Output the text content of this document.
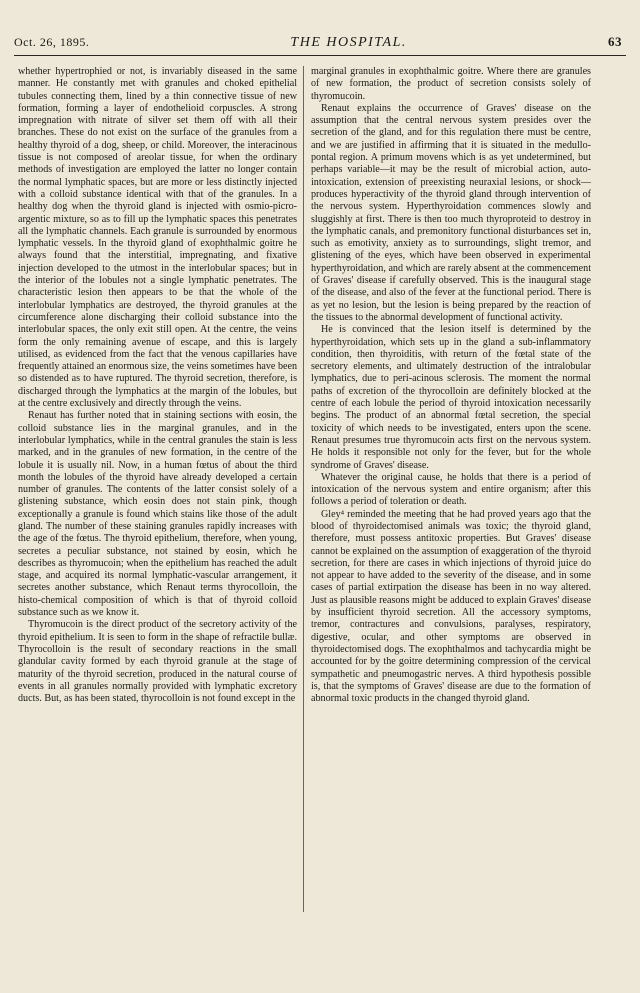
Oct. 26, 1895.	THE HOSPITAL.	63

whether hypertrophied or not, is invariably diseased in the same manner. He constantly met with granules and choked epithelial tubules connecting them, lined by a thin connective tissue of new formation, forming a layer of endothelioid corpuscles. A strong impregnation with nitrate of silver set them off with all their branches. These do not exist on the surface of the granules from a healthy thyroid of a dog, sheep, or child. Moreover, the interacinous tissue is not composed of areolar tissue, for when the ordinary methods of investigation are employed the latter no longer contain the normal lymphatic spaces, but are more or less distinctly injected with a colloid substance identical with that of the granules. In a healthy dog when the thyroid gland is injected with osmio-picro-argentic mixture, so as to fill up the lymphatic spaces this penetrates all the lymphatic channels. Each granule is surrounded by enormous lymphatic vessels. In the thyroid gland of exophthalmic goitre he always found that the interstitial, impregnating, and fixative injection developed to the utmost in the interlobular spaces; but in the interior of the lobules not a single lymphatic penetrates. The characteristic lesion then appears to be that the whole of the interlobular lymphatics are destroyed, the thyroid granules at the circumference alone discharging their colloid substance into the interlobular spaces, the only exit still open. At the centre, the veins form the only remaining avenue of escape, and this is largely utilised, as evidenced from the fact that the venous capillaries have frequently attained an enormous size, the veins sometimes have been so distended as to have ruptured. The thyroid secretion, therefore, is discharged through the lymphatics at the margin of the lobules, but at the centre exclusively and directly through the veins.

Renaut has further noted that in staining sections with eosin, the colloid substance lies in the marginal granules, and in the interlobular lymphatics, while in the central granules the stain is less marked, and in the granules of new formation, in the centre of the lobule it is usually nil. Now, in a human fœtus of about the third month the lobules of the thyroid have already developed a certain number of granules. The contents of the latter consist solely of a glistening substance, which eosin does not stain pink, though exceptionally a granule is found which stains like those of the adult gland. The number of these staining granules rapidly increases with the age of the fœtus. The thyroid epithelium, therefore, when young, secretes a peculiar substance, not stained by eosin, which he describes as thyromucoin; when the epithelium has reached the adult stage, and acquired its normal lymphatic-vascular arrangement, it secretes another substance, which Renaut terms thyrocolloin, the histo-chemical composition of which is that of thyroid colloid substance such as we know it.

Thyromucoin is the direct product of the secretory activity of the thyroid epithelium. It is seen to form in the shape of refractile bullæ. Thyrocolloin is the result of secondary reactions in the small glandular cavity formed by each thyroid granule at the stage of maturity of the thyroid secretion, produced in the natural course of events in all granules normally provided with lymphatic excretory ducts. But, as has been stated, thyrocolloin is not found except in the

marginal granules in exophthalmic goitre. Where there are granules of new formation, the product of secretion consists solely of thyromucoin.

Renaut explains the occurrence of Graves' disease on the assumption that the central nervous system presides over the secretion of the gland, and for this regulation there must be centre, and we are justified in affirming that it is situated in the medullo-pontal region. A primum movens which is as yet undetermined, but perhaps variable—it may be the result of microbial action, auto-intoxication, extension of preexisting neuraxial lesions, or shock—produces hyperactivity of the thyroid gland through intervention of the nervous system. Hyperthyroidation commences slowly and sluggishly at first. There is then too much thyroproteid to destroy in the lymphatic canals, and premonitory functional disturbances set in, such as emotivity, anxiety as to surroundings, slight tremor, and glistening of the eyes, which have been observed in experimental hyperthyroidation, and which are rarely absent at the commencement of Graves' disease if carefully observed. This is the inaugural stage of the disease, and also of the fever at the functional period. There is as yet no lesion, but the lesion is being prepared by the reaction of the tissues to the abnormal development of functional activity.

He is convinced that the lesion itself is determined by the hyperthyroidation, which sets up in the gland a sub-inflammatory condition, then thyroiditis, with return of the fœtal state of the secretory elements, and ultimately destruction of the intralobular lymphatics, due to peri-acinous sclerosis. The moment the normal paths of excretion of the thyrocolloin are definitely blocked at the centre of each lobule the period of thyroid intoxication necessarily begins. The product of an abnormal fœtal secretion, the special toxicity of which needs to be investigated, enters upon the scene. Renaut presumes true thyromucoin acts first on the nervous system. He holds it responsible not only for the fever, but for the whole syndrome of Graves' disease.

Whatever the original cause, he holds that there is a period of intoxication of the nervous system and entire organism; after this follows a period of toleration or death.

Gley⁴ reminded the meeting that he had proved years ago that the blood of thyroidectomised animals was toxic; the thyroid gland, therefore, must possess antitoxic properties. But Graves' disease cannot be explained on the assumption of exaggeration of the thyroid secretion, for there are cases in which injections of thyroid juice do not appear to have added to the severity of the disease, and in some cases of partial extirpation the disease has been in no way altered. Just as plausible reasons might be adduced to explain Graves' disease by insufficient thyroid secretion. All the accessory symptoms, tremor, contractures and convulsions, paralyses, respiratory, digestive, ocular, and other symptoms are observed in thyroidectomised dogs. The exophthalmos and tachycardia might be accounted for by the goitre determining compression of the cervical sympathetic and pneumogastric nerves. A third hypothesis possible is, that the symptoms of Graves' disease are due to the formation of abnormal toxic products in the changed thyroid gland.
